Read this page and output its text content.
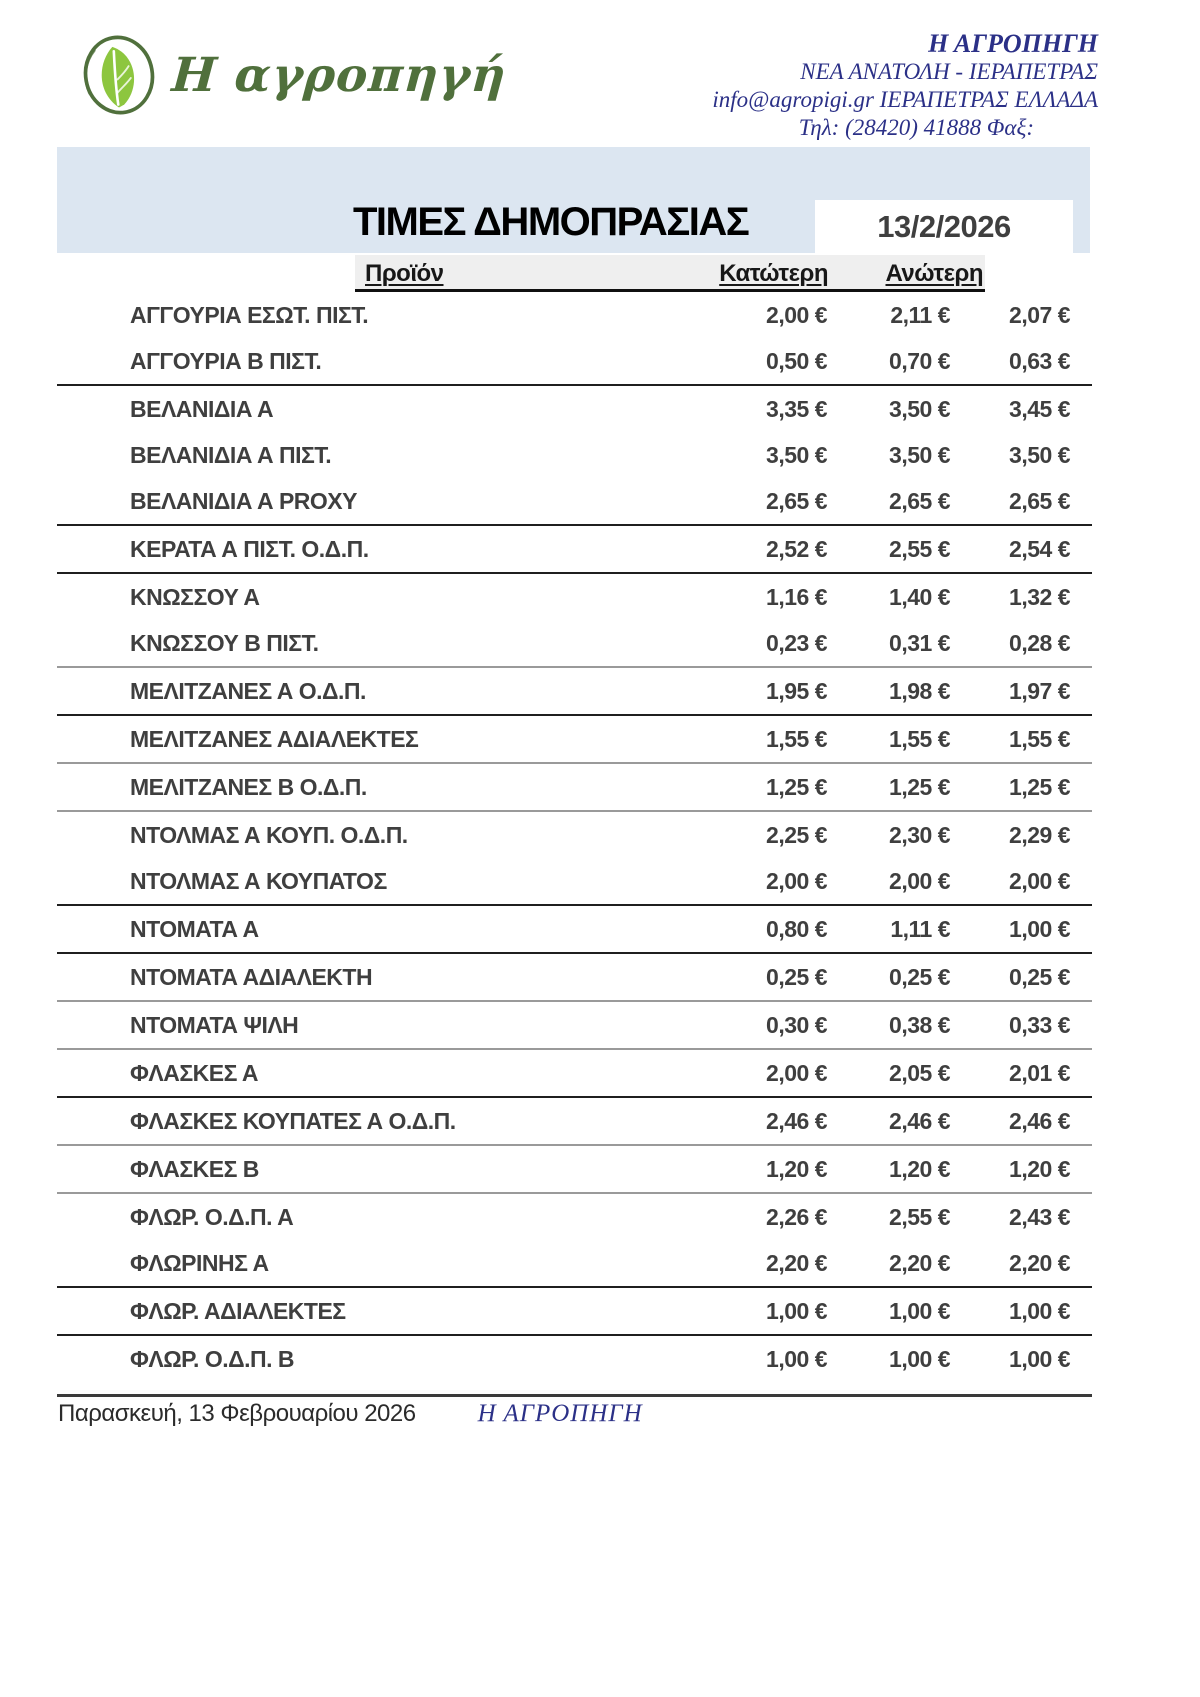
Η αγροπηγή
Η ΑΓΡΟΠΗΓΗ
ΝΕΑ ΑΝΑΤΟΛΗ - ΙΕΡΑΠΕΤΡΑΣ
info@agropigi.gr ΙΕΡΑΠΕΤΡΑΣ ΕΛΛΑΔΑ
Τηλ: (28420) 41888 Φαξ:
ΤΙΜΕΣ ΔΗΜΟΠΡΑΣΙΑΣ	13/2/2026
Προϊόν	Κατώτερη Ανώτερη
ΑΓΓΟΥΡΙΑ ΕΣΩΤ. ΠΙΣΤ.	2,00 €	2,11 €	2,07 €
ΑΓΓΟΥΡΙΑ Β ΠΙΣΤ.	0,50 €	0,70 €	0,63 €
ΒΕΛΑΝΙΔΙΑ Α	3,35 €	3,50 €	3,45 €
ΒΕΛΑΝΙΔΙΑ Α ΠΙΣΤ.	3,50 €	3,50 €	3,50 €
ΒΕΛΑΝΙΔΙΑ Α PROXY	2,65 €	2,65 €	2,65 €
ΚΕΡΑΤΑ Α ΠΙΣΤ. Ο.Δ.Π.	2,52 €	2,55 €	2,54 €
ΚΝΩΣΣΟΥ Α	1,16 €	1,40 €	1,32 €
ΚΝΩΣΣΟΥ Β ΠΙΣΤ.	0,23 €	0,31 €	0,28 €
ΜΕΛΙΤΖΑΝΕΣ Α Ο.Δ.Π.	1,95 €	1,98 €	1,97 €
ΜΕΛΙΤΖΑΝΕΣ ΑΔΙΑΛΕΚΤΕΣ	1,55 €	1,55 €	1,55 €
ΜΕΛΙΤΖΑΝΕΣ Β Ο.Δ.Π.	1,25 €	1,25 €	1,25 €
ΝΤΟΛΜΑΣ Α ΚΟΥΠ. Ο.Δ.Π.	2,25 €	2,30 €	2,29 €
ΝΤΟΛΜΑΣ Α ΚΟΥΠΑΤΟΣ	2,00 €	2,00 €	2,00 €
ΝΤΟΜΑΤΑ Α	0,80 €	1,11 €	1,00 €
ΝΤΟΜΑΤΑ ΑΔΙΑΛΕΚΤΗ	0,25 €	0,25 €	0,25 €
ΝΤΟΜΑΤΑ ΨΙΛΗ	0,30 €	0,38 €	0,33 €
ΦΛΑΣΚΕΣ Α	2,00 €	2,05 €	2,01 €
ΦΛΑΣΚΕΣ ΚΟΥΠΑΤΕΣ Α Ο.Δ.Π.	2,46 €	2,46 €	2,46 €
ΦΛΑΣΚΕΣ Β	1,20 €	1,20 €	1,20 €
ΦΛΩΡ. Ο.Δ.Π. Α	2,26 €	2,55 €	2,43 €
ΦΛΩΡΙΝΗΣ Α	2,20 €	2,20 €	2,20 €
ΦΛΩΡ. ΑΔΙΑΛΕΚΤΕΣ	1,00 €	1,00 €	1,00 €
ΦΛΩΡ. Ο.Δ.Π. Β	1,00 €	1,00 €	1,00 €
Παρασκευή, 13 Φεβρουαρίου 2026 Η ΑΓΡΟΠΗΓΗ
